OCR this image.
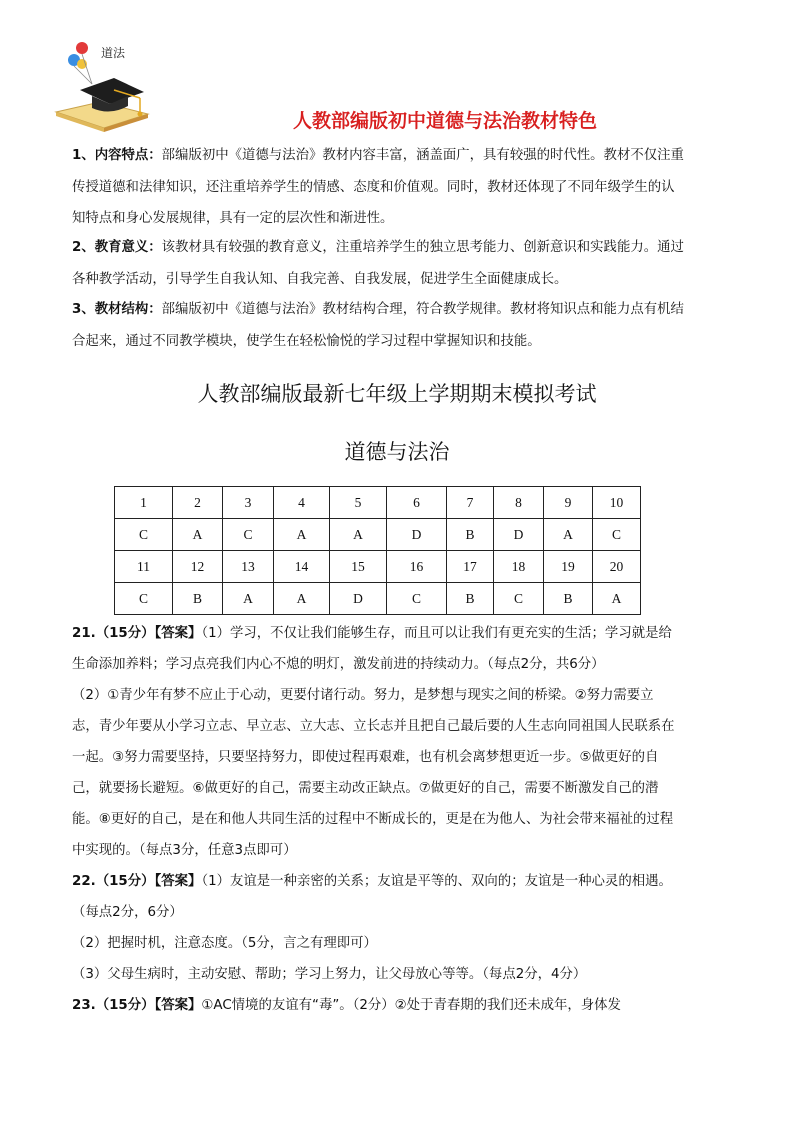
道法
人教部编版初中道德与法治教材特色
1、内容特点：部编版初中《道德与法治》教材内容丰富，涵盖面广，具有较强的时代性。教材不仅注重传授道德和法律知识，还注重培养学生的情感、态度和价值观。同时，教材还体现了不同年级学生的认知特点和身心发展规律，具有一定的层次性和渐进性。
2、教育意义：该教材具有较强的教育意义，注重培养学生的独立思考能力、创新意识和实践能力。通过各种教学活动，引导学生自我认知、自我完善、自我发展，促进学生全面健康成长。
3、教材结构：部编版初中《道德与法治》教材结构合理，符合教学规律。教材将知识点和能力点有机结合起来，通过不同教学模块，使学生在轻松愉悦的学习过程中掌握知识和技能。
人教部编版最新七年级上学期期末模拟考试
道德与法治
1	2	3	4	5	6	7	8	9	10
C	A	C	A	A	D	B	D	A	C
11	12	13	14	15	16	17	18	19	20
C	B	A	A	D	C	B	C	B	A
21.（15分）【答案】（1）学习，不仅让我们能够生存，而且可以让我们有更充实的生活；学习就是给生命添加养料；学习点亮我们内心不熄的明灯，激发前进的持续动力。（每点2分，共6分）
（2）①青少年有梦不应止于心动，更要付诸行动。努力，是梦想与现实之间的桥梁。②努力需要立志，青少年要从小学习立志、早立志、立大志、立长志并且把自己最后要的人生志向同祖国人民联系在一起。③努力需要坚持，只要坚持努力，即使过程再艰难，也有机会离梦想更近一步。⑤做更好的自己，就要扬长避短。⑥做更好的自己，需要主动改正缺点。⑦做更好的自己，需要不断激发自己的潜能。⑧更好的自己，是在和他人共同生活的过程中不断成长的，更是在为他人、为社会带来福祉的过程中实现的。（每点3分，任意3点即可）
22.（15分）【答案】（1）友谊是一种亲密的关系；友谊是平等的、双向的；友谊是一种心灵的相遇。（每点2分，6分）
（2）把握时机，注意态度。（5分，言之有理即可）
（3）父母生病时，主动安慰、帮助；学习上努力，让父母放心等等。（每点2分，4分）
23.（15分）【答案】①AC情境的友谊有“毒”。（2分）②处于青春期的我们还未成年，身体发
